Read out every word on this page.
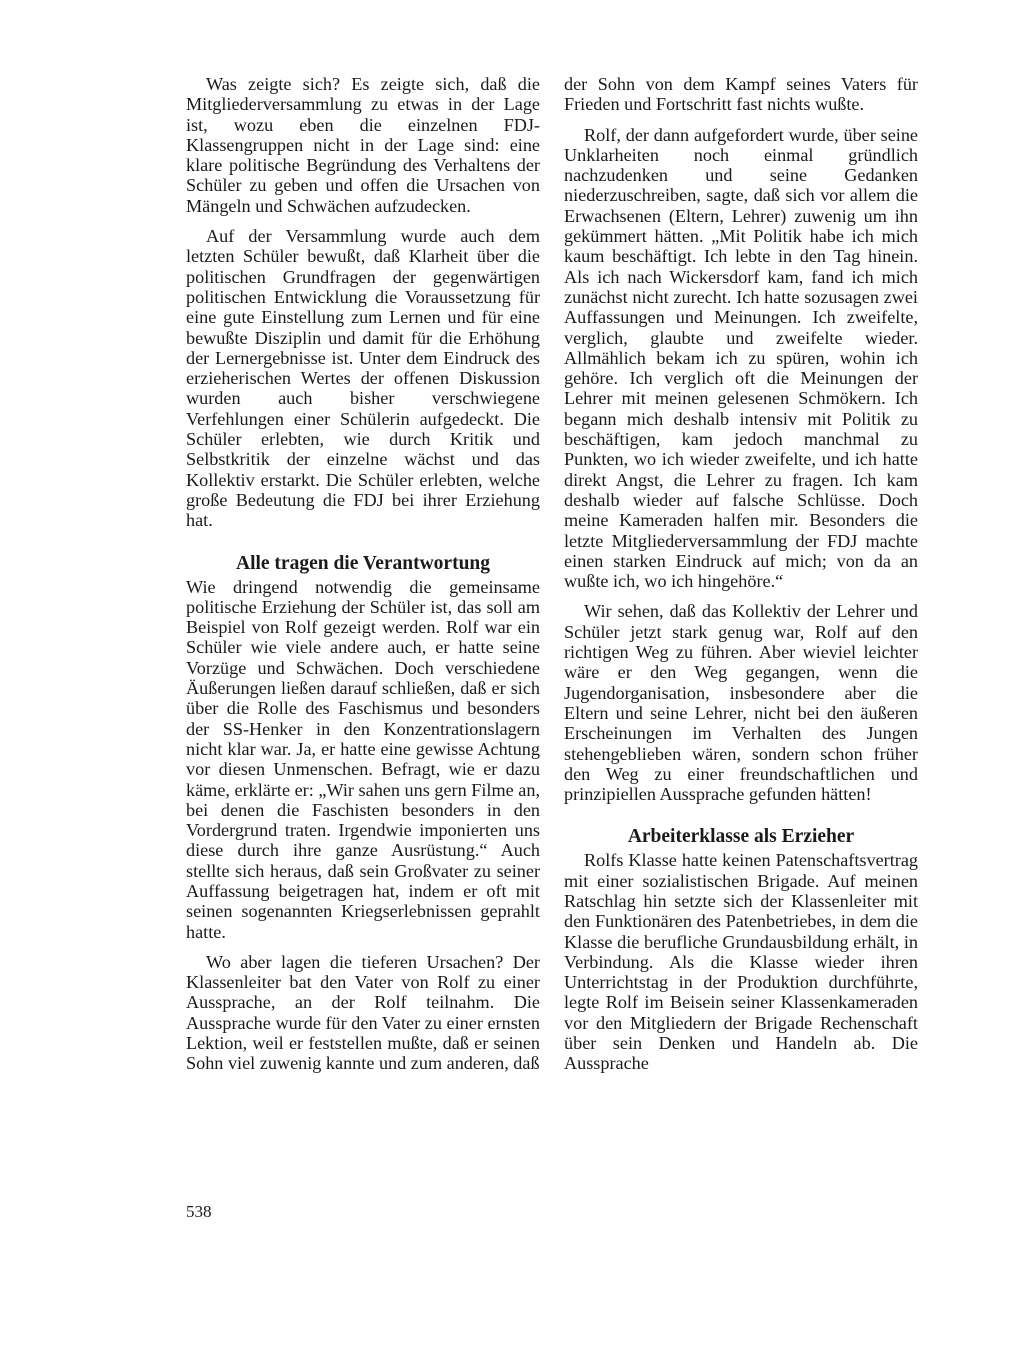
Was zeigte sich? Es zeigte sich, daß die Mitgliederversammlung zu etwas in der Lage ist, wozu eben die einzelnen FDJ-Klassengruppen nicht in der Lage sind: eine klare politische Begründung des Verhaltens der Schüler zu geben und offen die Ursachen von Mängeln und Schwächen aufzudecken.

Auf der Versammlung wurde auch dem letzten Schüler bewußt, daß Klarheit über die politischen Grundfragen der gegenwärtigen politischen Entwicklung die Voraussetzung für eine gute Einstellung zum Lernen und für eine bewußte Disziplin und damit für die Erhöhung der Lernergebnisse ist. Unter dem Eindruck des erzieherischen Wertes der offenen Diskussion wurden auch bisher verschwiegene Verfehlungen einer Schülerin aufgedeckt. Die Schüler erlebten, wie durch Kritik und Selbstkritik der einzelne wächst und das Kollektiv erstarkt. Die Schüler erlebten, welche große Bedeutung die FDJ bei ihrer Erziehung hat.

Alle tragen die Verantwortung

Wie dringend notwendig die gemeinsame politische Erziehung der Schüler ist, das soll am Beispiel von Rolf gezeigt werden. Rolf war ein Schüler wie viele andere auch, er hatte seine Vorzüge und Schwächen. Doch verschiedene Äußerungen ließen darauf schließen, daß er sich über die Rolle des Faschismus und besonders der SS-Henker in den Konzentrationslagern nicht klar war. Ja, er hatte eine gewisse Achtung vor diesen Unmenschen. Befragt, wie er dazu käme, erklärte er: „Wir sahen uns gern Filme an, bei denen die Faschisten besonders in den Vordergrund traten. Irgendwie imponierten uns diese durch ihre ganze Ausrüstung.“ Auch stellte sich heraus, daß sein Großvater zu seiner Auffassung beigetragen hat, indem er oft mit seinen sogenannten Kriegserlebnissen geprahlt hatte.

Wo aber lagen die tieferen Ursachen? Der Klassenleiter bat den Vater von Rolf zu einer Aussprache, an der Rolf teilnahm. Die Aussprache wurde für den Vater zu einer ernsten Lektion, weil er feststellen mußte, daß er seinen Sohn viel zuwenig kannte und zum anderen, daß

der Sohn von dem Kampf seines Vaters für Frieden und Fortschritt fast nichts wußte.

Rolf, der dann aufgefordert wurde, über seine Unklarheiten noch einmal gründlich nachzudenken und seine Gedanken niederzuschreiben, sagte, daß sich vor allem die Erwachsenen (Eltern, Lehrer) zuwenig um ihn gekümmert hätten. „Mit Politik habe ich mich kaum beschäftigt. Ich lebte in den Tag hinein. Als ich nach Wickersdorf kam, fand ich mich zunächst nicht zurecht. Ich hatte sozusagen zwei Auffassungen und Meinungen. Ich zweifelte, verglich, glaubte und zweifelte wieder. Allmählich bekam ich zu spüren, wohin ich gehöre. Ich verglich oft die Meinungen der Lehrer mit meinen gelesenen Schmökern. Ich begann mich deshalb intensiv mit Politik zu beschäftigen, kam jedoch manchmal zu Punkten, wo ich wieder zweifelte, und ich hatte direkt Angst, die Lehrer zu fragen. Ich kam deshalb wieder auf falsche Schlüsse. Doch meine Kameraden halfen mir. Besonders die letzte Mitgliederversammlung der FDJ machte einen starken Eindruck auf mich; von da an wußte ich, wo ich hingehöre.“

Wir sehen, daß das Kollektiv der Lehrer und Schüler jetzt stark genug war, Rolf auf den richtigen Weg zu führen. Aber wieviel leichter wäre er den Weg gegangen, wenn die Jugendorganisation, insbesondere aber die Eltern und seine Lehrer, nicht bei den äußeren Erscheinungen im Verhalten des Jungen stehengeblieben wären, sondern schon früher den Weg zu einer freundschaftlichen und prinzipiellen Aussprache gefunden hätten!

Arbeiterklasse als Erzieher

Rolfs Klasse hatte keinen Patenschaftsvertrag mit einer sozialistischen Brigade. Auf meinen Ratschlag hin setzte sich der Klassenleiter mit den Funktionären des Patenbetriebes, in dem die Klasse die berufliche Grundausbildung erhält, in Verbindung. Als die Klasse wieder ihren Unterrichtstag in der Produktion durchführte, legte Rolf im Beisein seiner Klassenkameraden vor den Mitgliedern der Brigade Rechenschaft über sein Denken und Handeln ab. Die Aussprache

538
